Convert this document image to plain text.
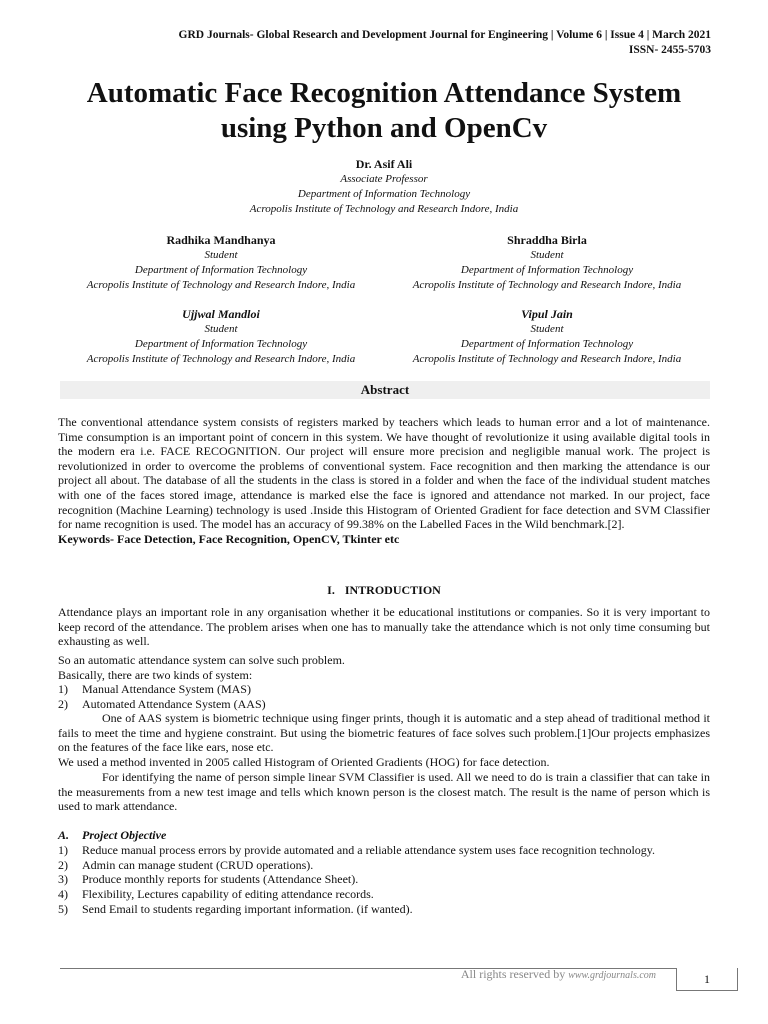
GRD Journals- Global Research and Development Journal for Engineering | Volume 6 | Issue 4 | March 2021
ISSN- 2455-5703
Automatic Face Recognition Attendance System
using Python and OpenCv
Dr. Asif Ali
Associate Professor
Department of Information Technology
Acropolis Institute of Technology and Research Indore, India
Radhika Mandhanya
Student
Department of Information Technology
Acropolis Institute of Technology and Research Indore, India
Shraddha Birla
Student
Department of Information Technology
Acropolis Institute of Technology and Research Indore, India
Ujjwal Mandloi
Student
Department of Information Technology
Acropolis Institute of Technology and Research Indore, India
Vipul Jain
Student
Department of Information Technology
Acropolis Institute of Technology and Research Indore, India
Abstract
The conventional attendance system consists of registers marked by teachers which leads to human error and a lot of maintenance. Time consumption is an important point of concern in this system. We have thought of revolutionize it using available digital tools in the modern era i.e. FACE RECOGNITION. Our project will ensure more precision and negligible manual work. The project is revolutionized in order to overcome the problems of conventional system. Face recognition and then marking the attendance is our project all about. The database of all the students in the class is stored in a folder and when the face of the individual student matches with one of the faces stored image, attendance is marked else the face is ignored and attendance not marked. In our project, face recognition (Machine Learning) technology is used .Inside this Histogram of Oriented Gradient for face detection and SVM Classifier for name recognition is used. The model has an accuracy of 99.38% on the Labelled Faces in the Wild benchmark.[2].
Keywords- Face Detection, Face Recognition, OpenCV, Tkinter etc
I. INTRODUCTION
Attendance plays an important role in any organisation whether it be educational institutions or companies. So it is very important to keep record of the attendance. The problem arises when one has to manually take the attendance which is not only time consuming but exhausting as well.
So an automatic attendance system can solve such problem.
Basically, there are two kinds of system:
1) Manual Attendance System (MAS)
2) Automated Attendance System (AAS)
One of AAS system is biometric technique using finger prints, though it is automatic and a step ahead of traditional method it fails to meet the time and hygiene constraint. But using the biometric features of face solves such problem.[1]Our projects emphasizes on the features of the face like ears, nose etc.
We used a method invented in 2005 called Histogram of Oriented Gradients (HOG) for face detection.
For identifying the name of person simple linear SVM Classifier is used. All we need to do is train a classifier that can take in the measurements from a new test image and tells which known person is the closest match. The result is the name of person which is used to mark attendance.
A. Project Objective
1) Reduce manual process errors by provide automated and a reliable attendance system uses face recognition technology.
2) Admin can manage student (CRUD operations).
3) Produce monthly reports for students (Attendance Sheet).
4) Flexibility, Lectures capability of editing attendance records.
5) Send Email to students regarding important information. (if wanted).
All rights reserved by www.grdjournals.com	1
